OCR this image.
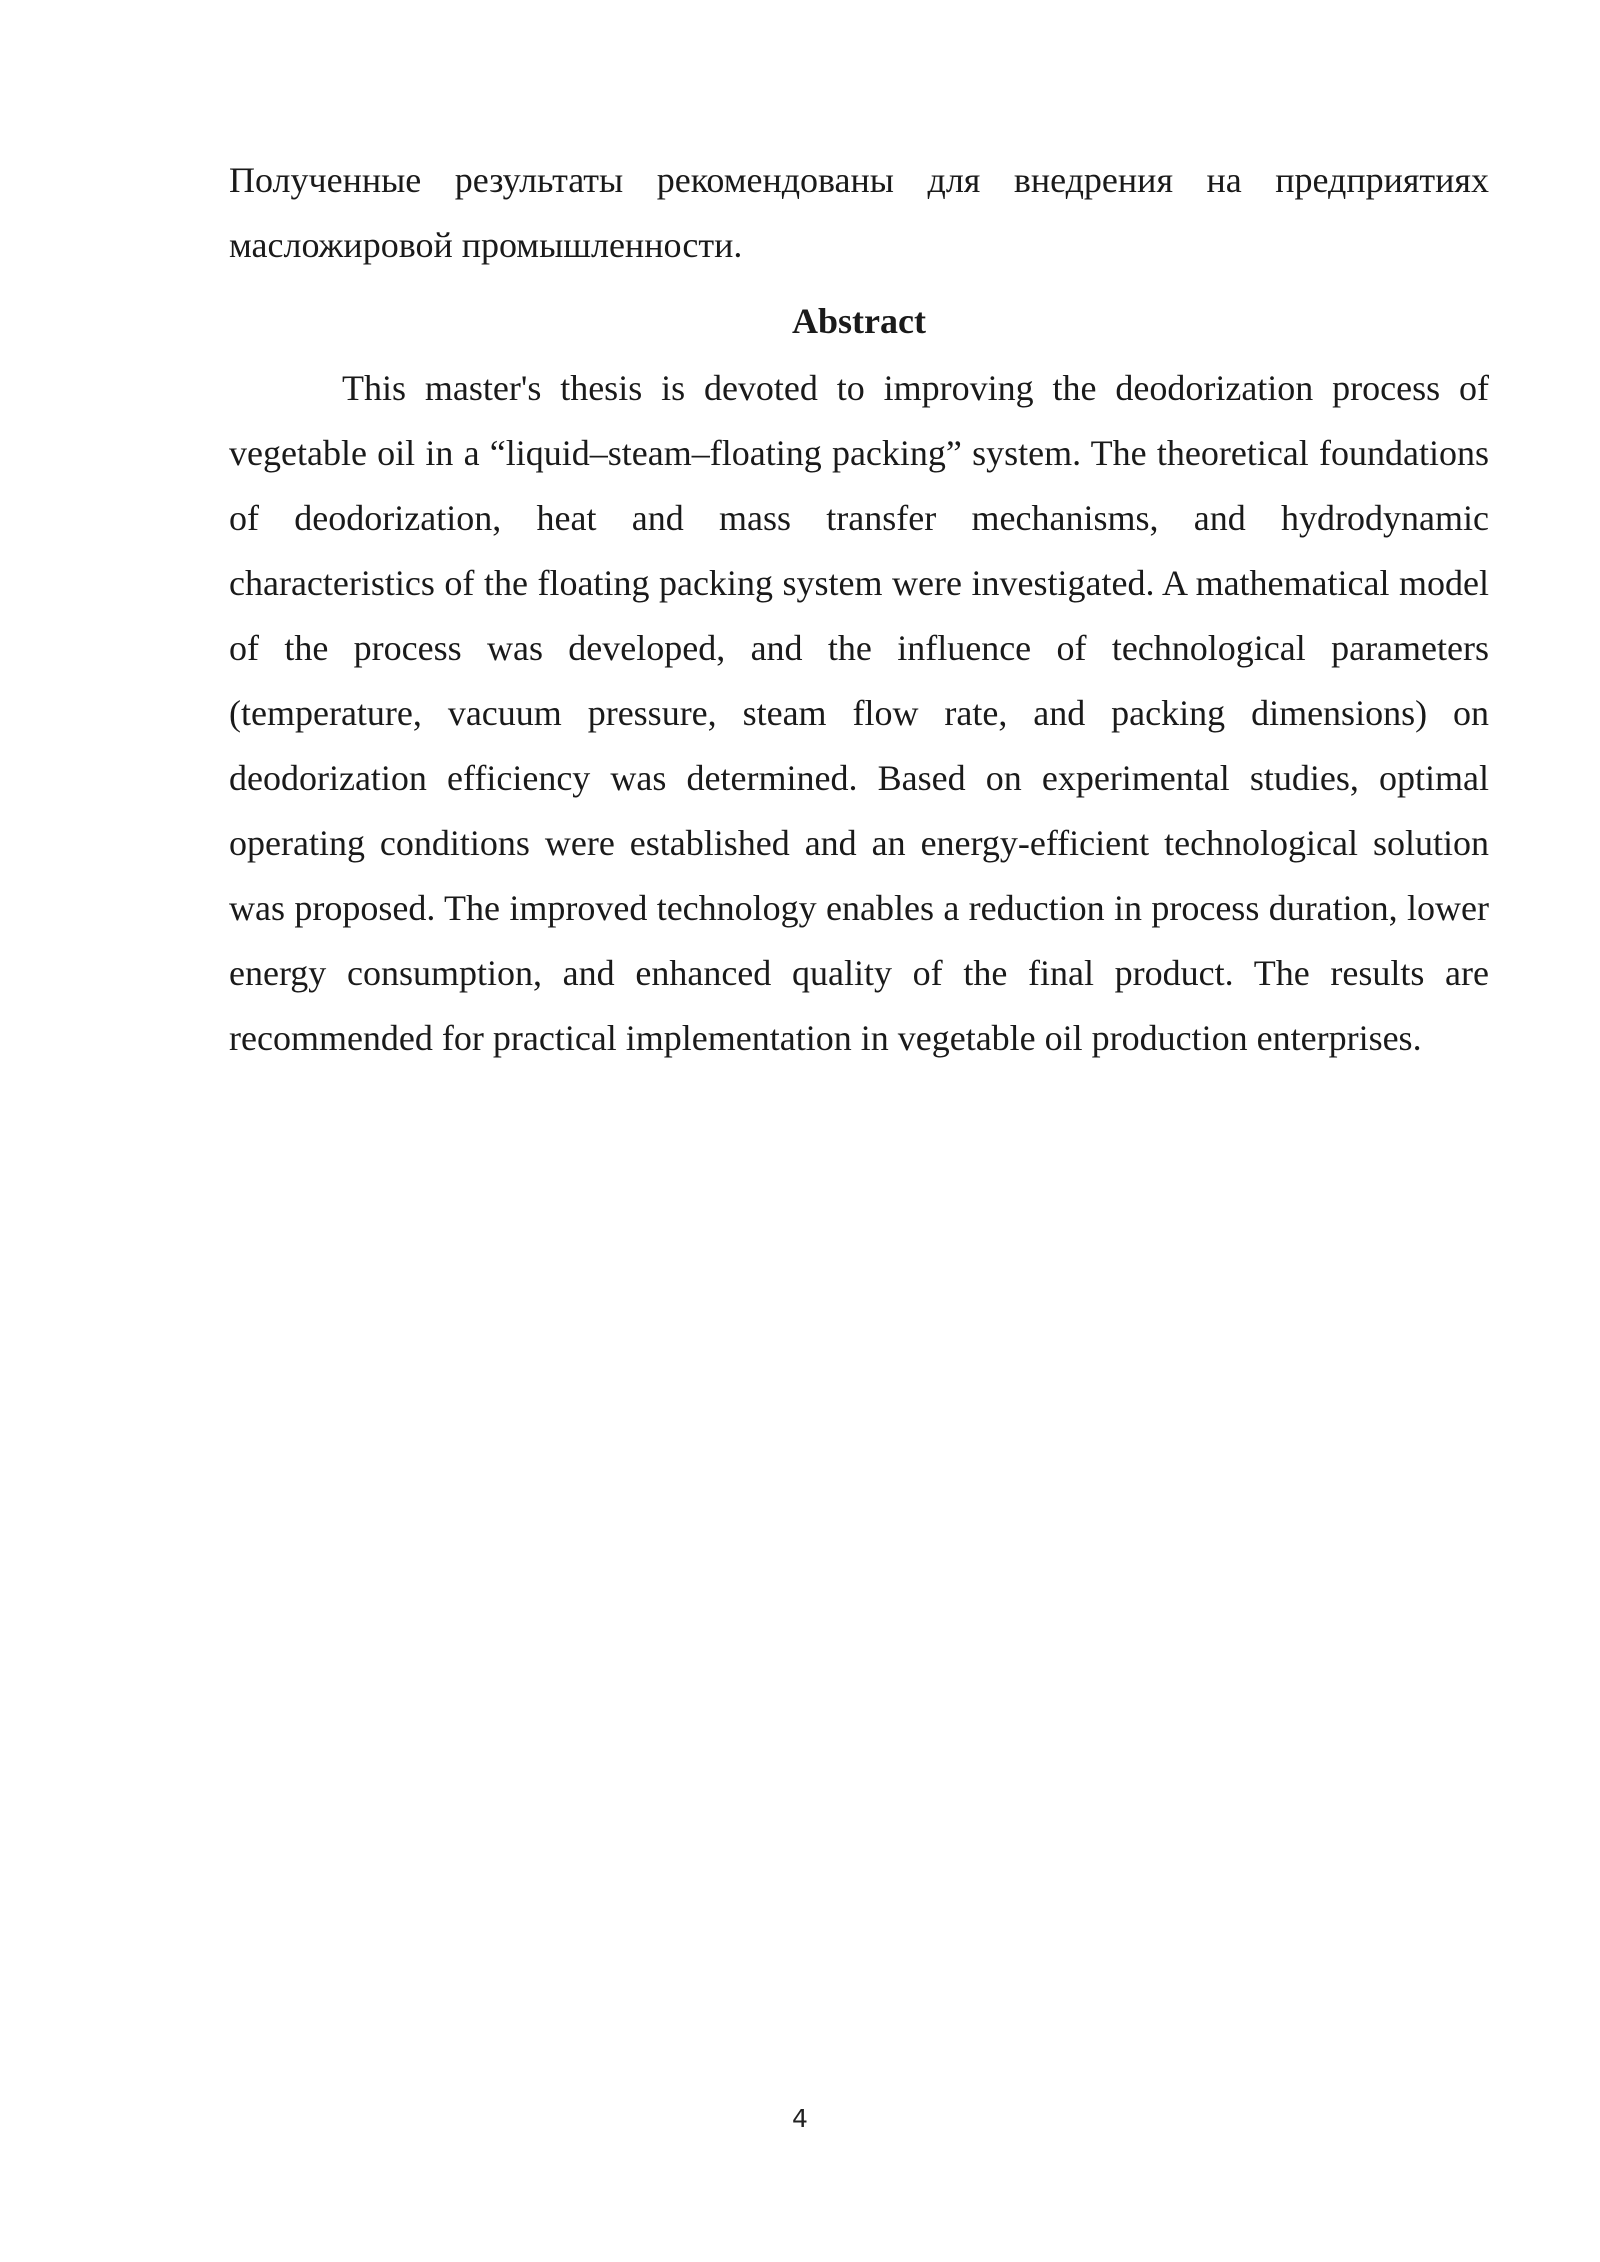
Полученные результаты рекомендованы для внедрения на предприятиях масложировой промышленности.

Abstract

This master's thesis is devoted to improving the deodorization process of vegetable oil in a “liquid–steam–floating packing” system. The theoretical foundations of deodorization, heat and mass transfer mechanisms, and hydrodynamic characteristics of the floating packing system were investigated. A mathematical model of the process was developed, and the influence of technological parameters (temperature, vacuum pressure, steam flow rate, and packing dimensions) on deodorization efficiency was determined. Based on experimental studies, optimal operating conditions were established and an energy-efficient technological solution was proposed. The improved technology enables a reduction in process duration, lower energy consumption, and enhanced quality of the final product. The results are recommended for practical implementation in vegetable oil production enterprises.

4
